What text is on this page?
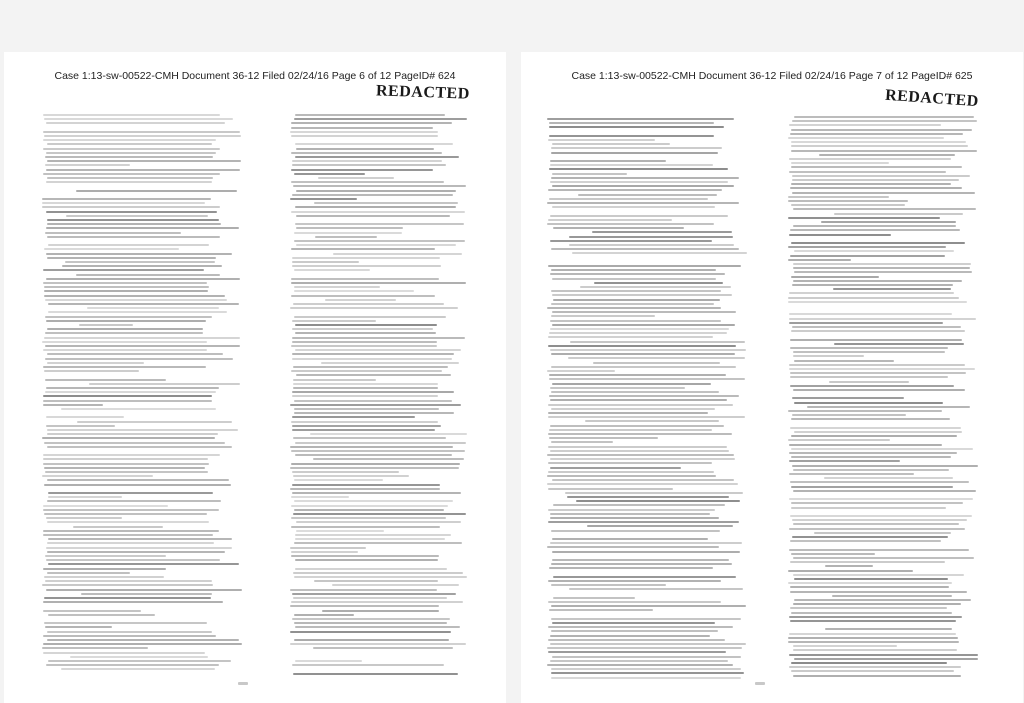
Case 1:13-sw-00522-CMH Document 36-12 Filed 02/24/16 Page 6 of 12 PageID# 624
REDACTED
Case 1:13-sw-00522-CMH Document 36-12 Filed 02/24/16 Page 7 of 12 PageID# 625
REDACTED
